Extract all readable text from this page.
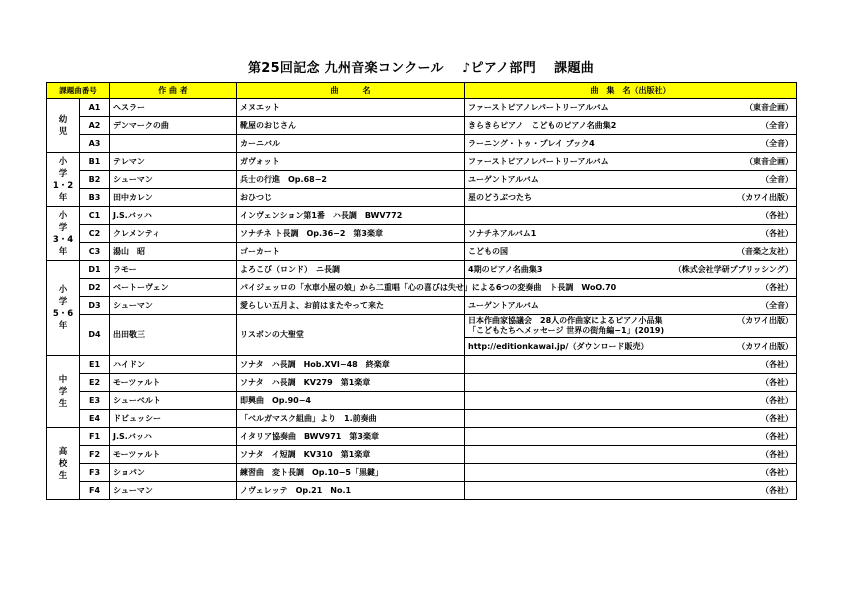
第25回記念 九州音楽コンクール　 ♪ピアノ部門　 課題曲
課題曲番号		作 曲 者	曲　　　名	曲　集　名（出版社）
幼
児	A1	ヘスラー	メヌエット	ファーストピアノレパートリーアルバム （東音企画）

	A2	デンマークの曲	靴屋のおじさん	きらきらピアノ　こどものピアノ名曲集2 （全音）

	A3		カーニバル	ラーニング・トゥ・プレイ ブック4 （全音）

小
学
1・2
年	B1	テレマン	ガヴォット	ファーストピアノレパートリーアルバム （東音企画）

	B2	シューマン	兵士の行進　Op.68−2	ユーゲントアルバム （全音）

	B3	田中カレン	おひつじ	星のどうぶつたち （カワイ出版）

小
学
3・4
年	C1	J.S.バッハ	インヴェンション第1番　ハ長調　BWV772	（各社）

	C2	クレメンティ	ソナチネ ト長調　Op.36−2　第3楽章	ソナチネアルバム1 （各社）

	C3	湯山　昭	ゴーカート	こどもの国 （音楽之友社）

小
学
5・6
年	D1	ラモー	よろこび（ロンド）　ニ長調	4期のピアノ名曲集3 （株式会社学研プブリッシング）

	D2	ベートーヴェン	パイジェッロの「水車小屋の娘」から二重唱「心の喜びは失せ」による6つの変奏曲　ト長調　WoO.70	（各社）

	D3	シューマン	愛らしい五月よ、お前はまたやって来た	ユーゲントアルバム （全音）

	D4	出田敬三	リスボンの大聖堂	日本作曲家協議会　28人の作曲家によるピアノ小品集
「こどもたちへメッセージ 世界の街角編−1」(2019)
（カワイ出版）

				http://editionkawai.jp/（ダウンロード販売） （カワイ出版）

中
学
生	E1	ハイドン	ソナタ　ハ長調　Hob.XVI−48　終楽章	（各社）

	E2	モーツァルト	ソナタ　ハ長調　KV279　第1楽章	（各社）

	E3	シューベルト	即興曲　Op.90−4	（各社）

	E4	ドビュッシー	「ベルガマスク組曲」より　1.前奏曲	（各社）

高
校
生	F1	J.S.バッハ	イタリア協奏曲　BWV971　第3楽章	（各社）

	F2	モーツァルト	ソナタ　イ短調　KV310　第1楽章	（各社）

	F3	ショパン	練習曲　変ト長調　Op.10−5「黒鍵」	（各社）

	F4	シューマン	ノヴェレッテ　Op.21　No.1	（各社）
